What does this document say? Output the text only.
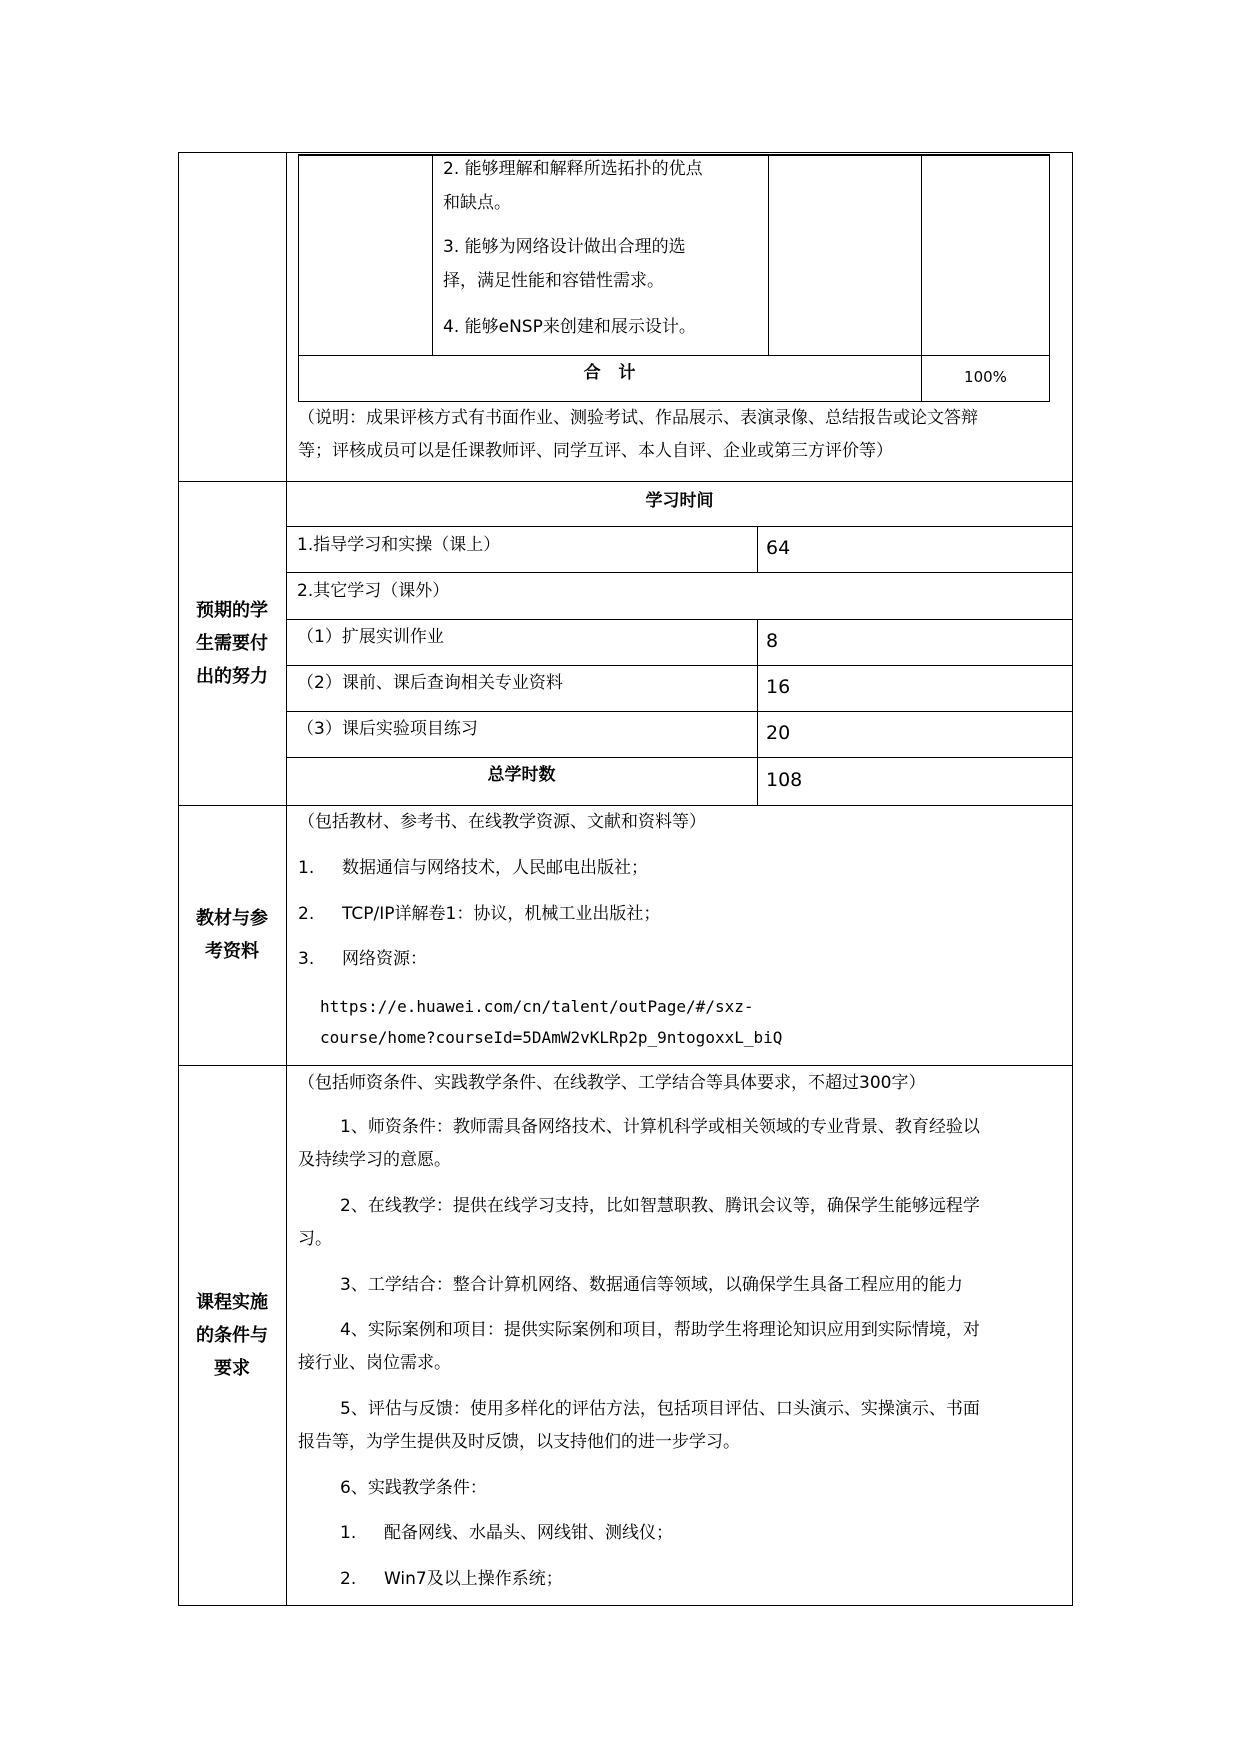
2. 能够理解和解释所选拓扑的优点
和缺点。
3. 能够为网络设计做出合理的选
择，满足性能和容错性需求。
4. 能够eNSP来创建和展示设计。
合   计	100%
（说明：成果评核方式有书面作业、测验考试、作品展示、表演录像、总结报告或论文答辩
等；评核成员可以是任课教师评、同学互评、本人自评、企业或第三方评价等）
预期的学
生需要付
出的努力
学习时间
1.指导学习和实操（课上）	64
2.其它学习（课外）
（1）扩展实训作业	8
（2）课前、课后查询相关专业资料	16
（3）课后实验项目练习	20
总学时数	108
教材与参
考资料
（包括教材、参考书、在线教学资源、文献和资料等）
1. 数据通信与网络技术，人民邮电出版社；
2. TCP/IP详解卷1：协议，机械工业出版社；
3. 网络资源：
https://e.huawei.com/cn/talent/outPage/#/sxz-
course/home?courseId=5DAmW2vKLRp2p_9ntogoxxL_biQ
课程实施
的条件与
要求
（包括师资条件、实践教学条件、在线教学、工学结合等具体要求，不超过300字）
1、师资条件：教师需具备网络技术、计算机科学或相关领域的专业背景、教育经验以
及持续学习的意愿。
2、在线教学：提供在线学习支持，比如智慧职教、腾讯会议等，确保学生能够远程学
习。
3、工学结合：整合计算机网络、数据通信等领域，以确保学生具备工程应用的能力
4、实际案例和项目：提供实际案例和项目，帮助学生将理论知识应用到实际情境，对
接行业、岗位需求。
5、评估与反馈：使用多样化的评估方法，包括项目评估、口头演示、实操演示、书面
报告等，为学生提供及时反馈，以支持他们的进一步学习。
6、实践教学条件：
1. 配备网线、水晶头、网线钳、测线仪；
2. Win7及以上操作系统；
